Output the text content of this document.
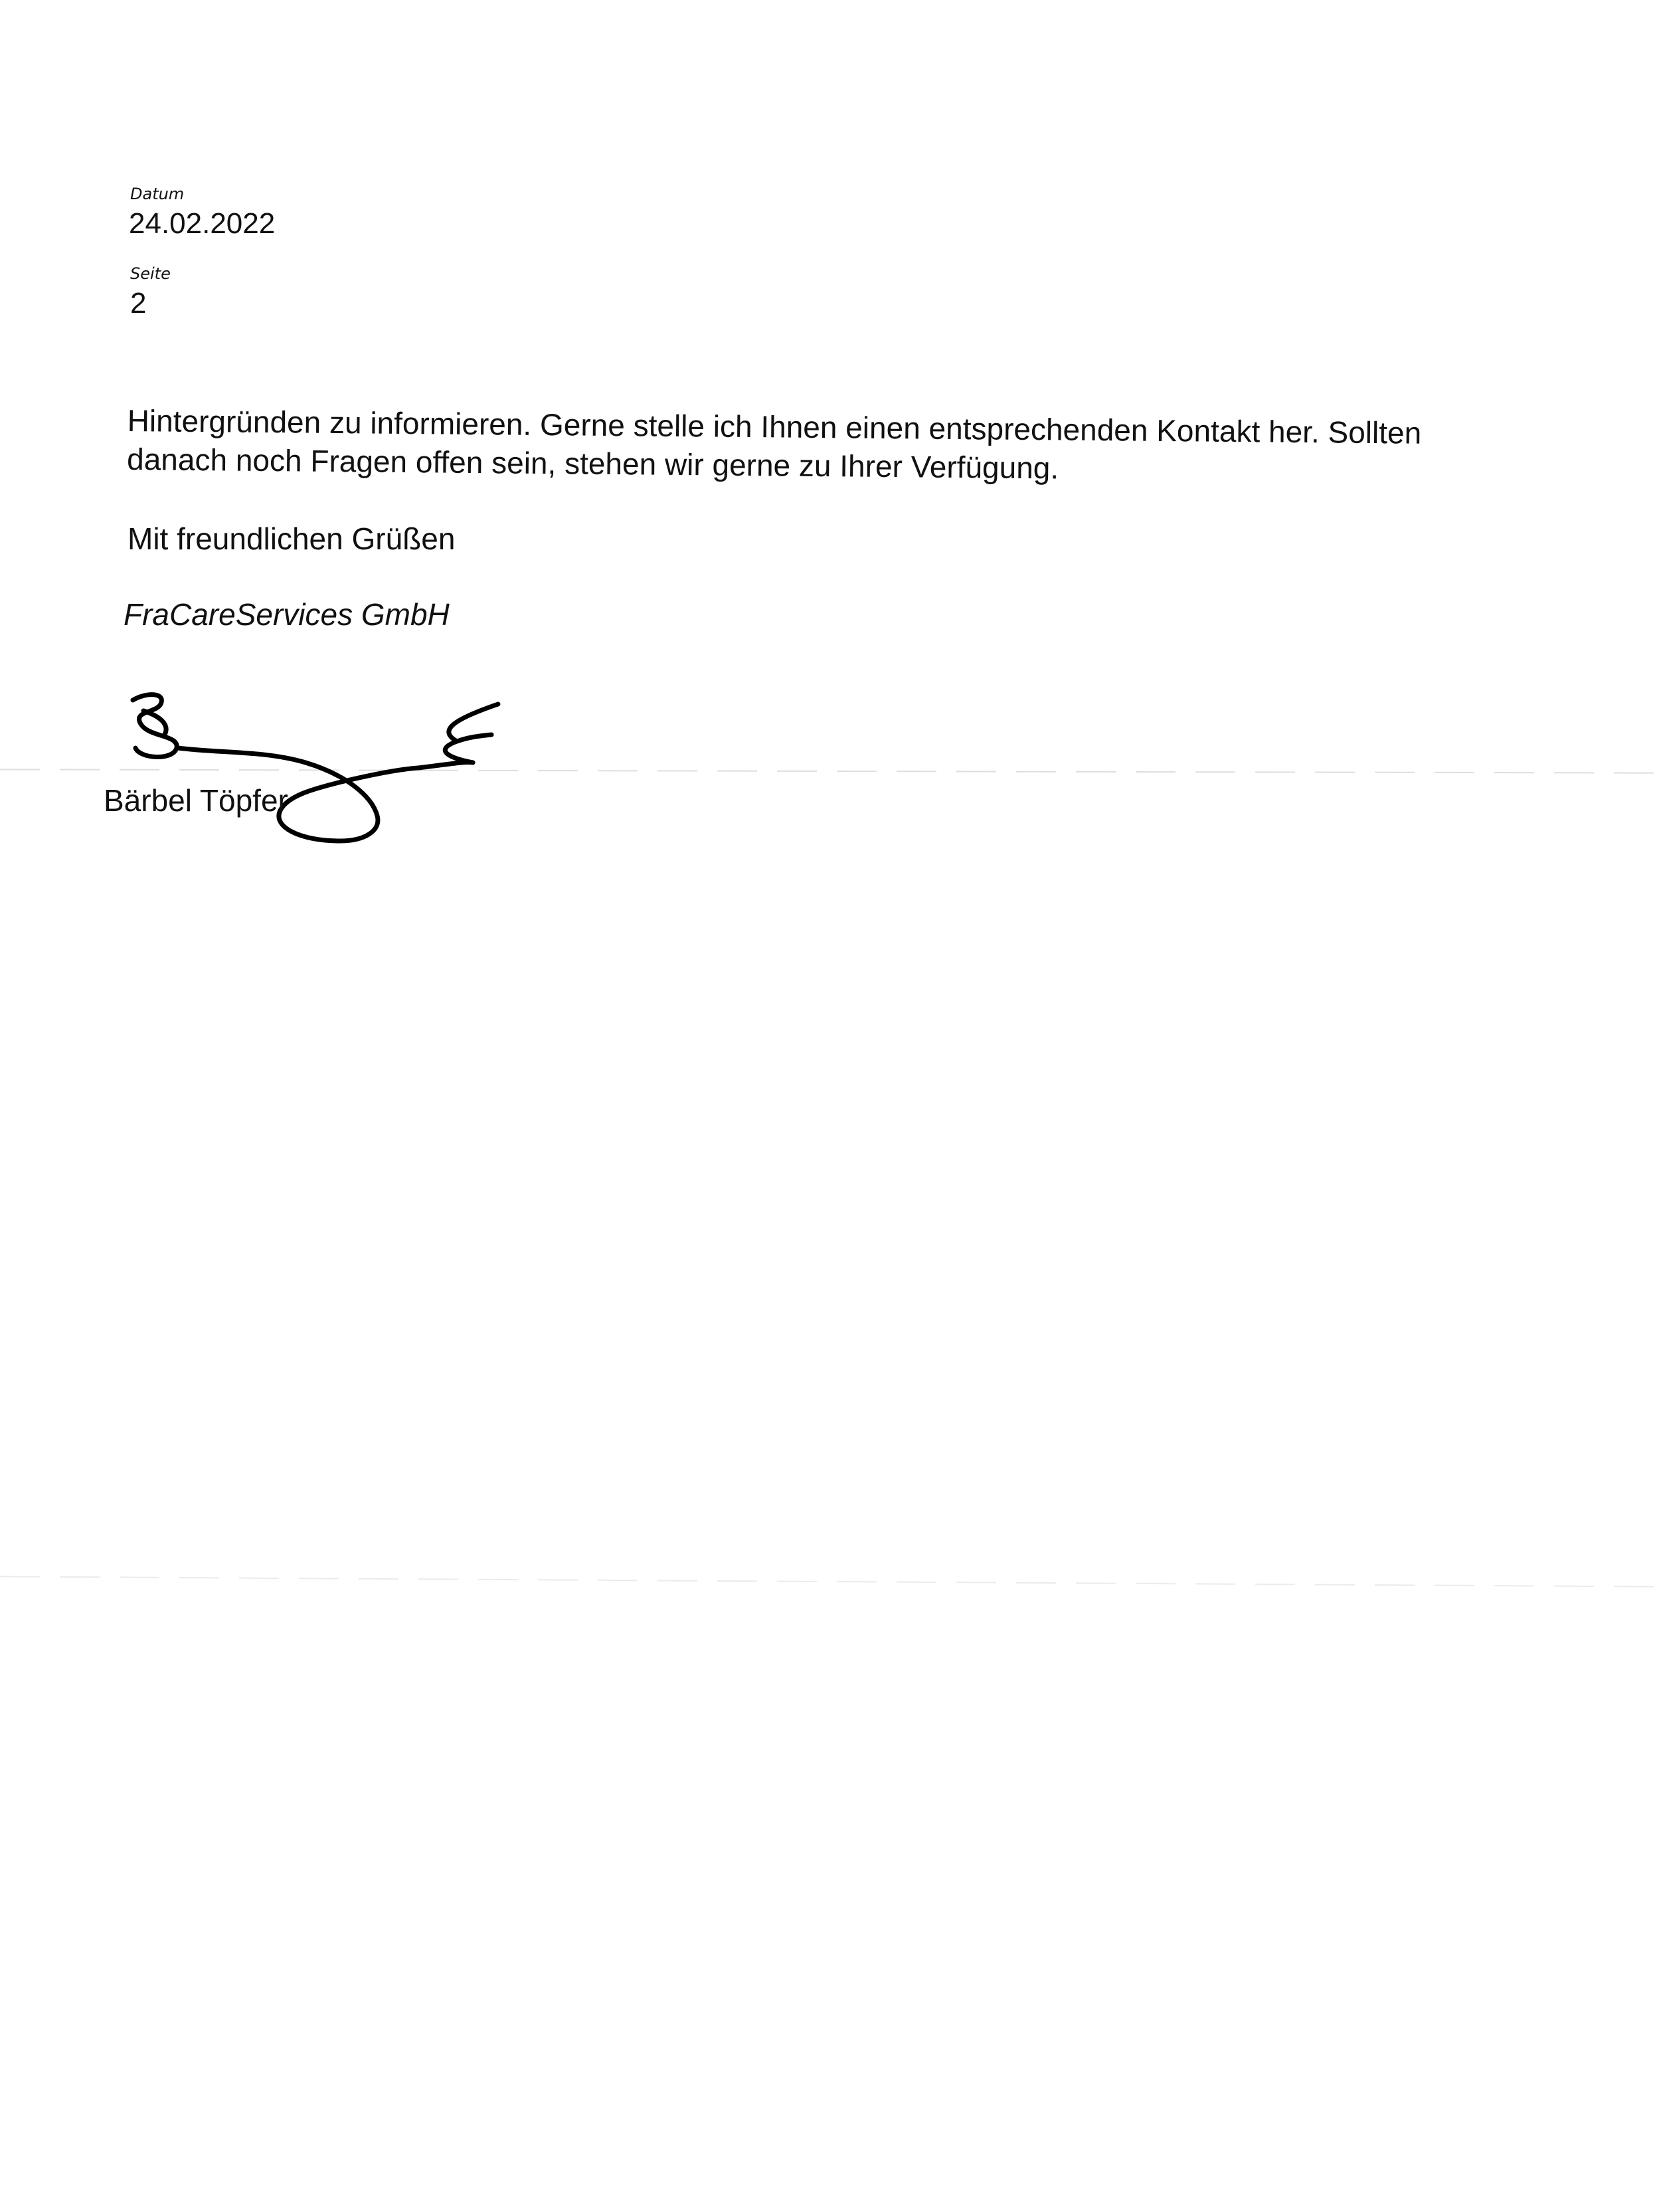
Datum
24.02.2022
Seite
2

Hintergründen zu informieren. Gerne stelle ich Ihnen einen entsprechenden Kontakt her. Sollten

danach noch Fragen offen sein, stehen wir gerne zu Ihrer Verfügung.

Mit freundlichen Grüßen
FraCareServices GmbH
Bärbel Töpfer
